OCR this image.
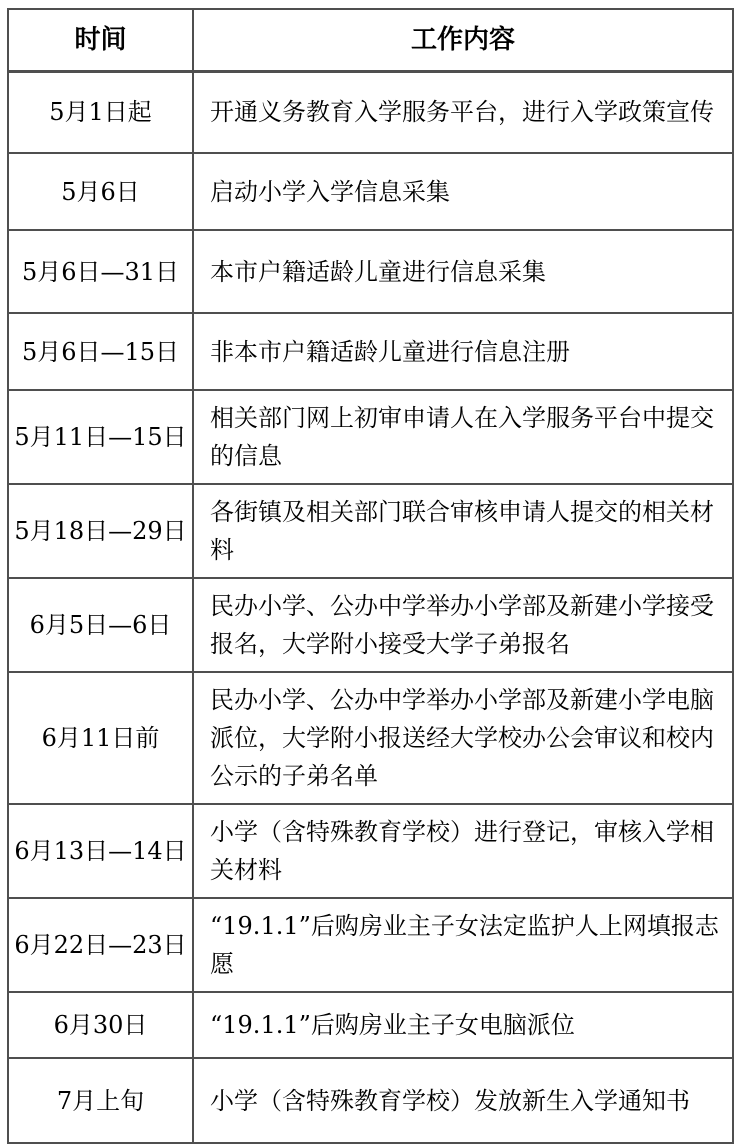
时间	工作内容
5月1日起	开通义务教育入学服务平台，进行入学政策宣传
5月6日	启动小学入学信息采集
5月6日—31日	本市户籍适龄儿童进行信息采集
5月6日—15日	非本市户籍适龄儿童进行信息注册
5月11日—15日	相关部门网上初审申请人在入学服务平台中提交的信息
5月18日—29日	各街镇及相关部门联合审核申请人提交的相关材料
6月5日—6日	民办小学、公办中学举办小学部及新建小学接受报名，大学附小接受大学子弟报名
6月11日前	民办小学、公办中学举办小学部及新建小学电脑派位，大学附小报送经大学校办公会审议和校内公示的子弟名单
6月13日—14日	小学（含特殊教育学校）进行登记，审核入学相关材料
6月22日—23日	“19.1.1”后购房业主子女法定监护人上网填报志愿
6月30日	“19.1.1”后购房业主子女电脑派位
7月上旬	小学（含特殊教育学校）发放新生入学通知书
